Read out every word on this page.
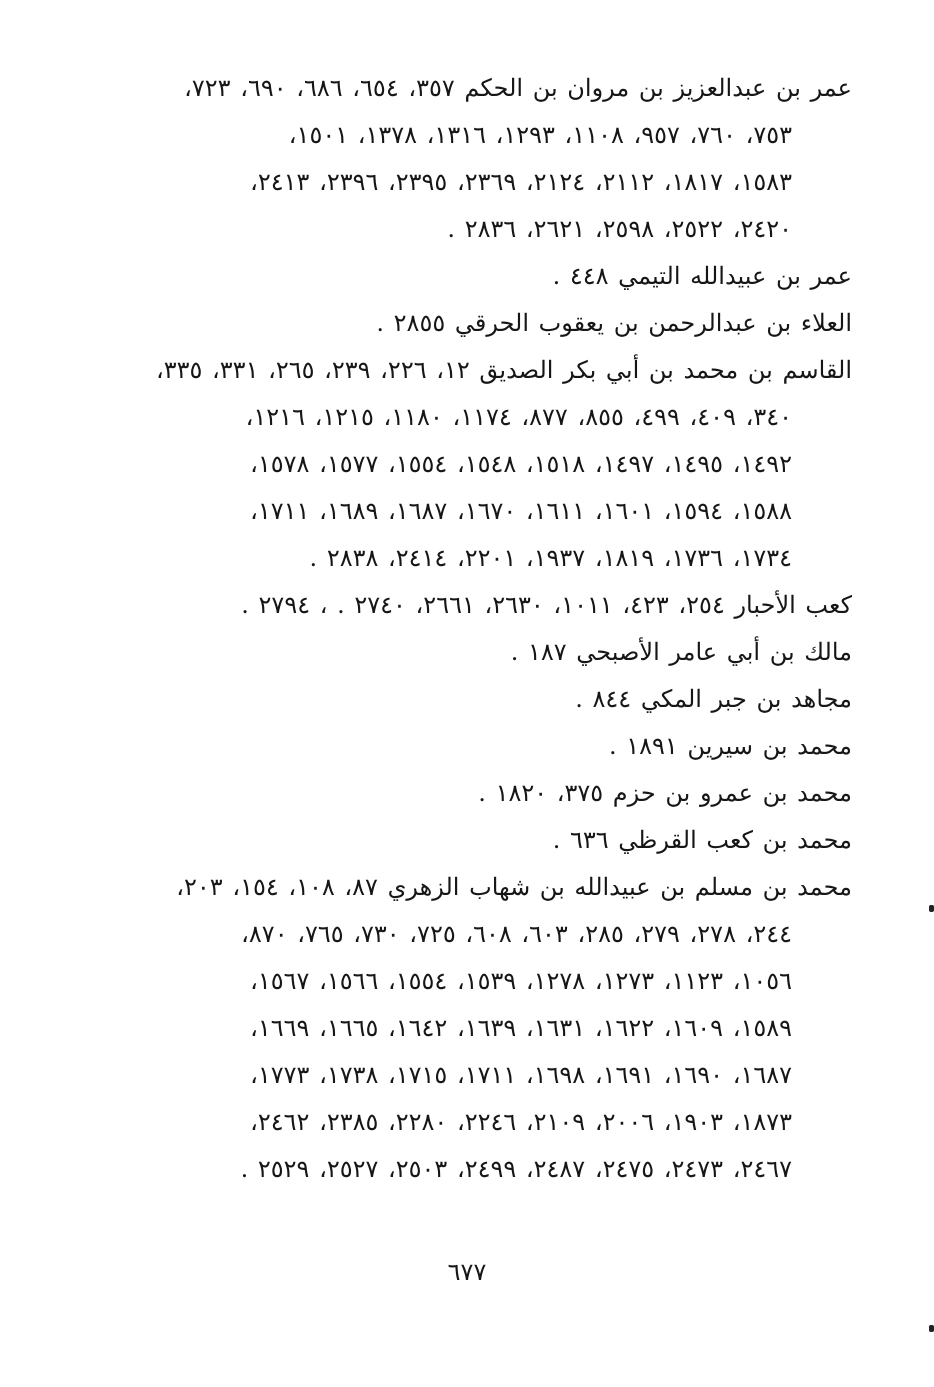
عمر بن عبدالعزيز بن مروان بن الحكم ٣٥٧، ٦٥٤، ٦٨٦، ٦٩٠، ٧٢٣،
٧٥٣، ٧٦٠، ٩٥٧، ١١٠٨، ١٢٩٣، ١٣١٦، ١٣٧٨، ١٥٠١،
١٥٨٣، ١٨١٧، ٢١١٢، ٢١٢٤، ٢٣٦٩، ٢٣٩٥، ٢٣٩٦، ٢٤١٣،
٢٤٢٠، ٢٥٢٢، ٢٥٩٨، ٢٦٢١، ٢٨٣٦ .
عمر بن عبيدالله التيمي ٤٤٨ .
العلاء بن عبدالرحمن بن يعقوب الحرقي ٢٨٥٥ .
القاسم بن محمد بن أبي بكر الصديق ١٢، ٢٢٦، ٢٣٩، ٢٦٥، ٣٣١، ٣٣٥،
٣٤٠، ٤٠٩، ٤٩٩، ٨٥٥، ٨٧٧، ١١٧٤، ١١٨٠، ١٢١٥، ١٢١٦،
١٤٩٢، ١٤٩٥، ١٤٩٧، ١٥١٨، ١٥٤٨، ١٥٥٤، ١٥٧٧، ١٥٧٨،
١٥٨٨، ١٥٩٤، ١٦٠١، ١٦١١، ١٦٧٠، ١٦٨٧، ١٦٨٩، ١٧١١،
١٧٣٤، ١٧٣٦، ١٨١٩، ١٩٣٧، ٢٢٠١، ٢٤١٤، ٢٨٣٨ .
كعب الأحبار ٢٥٤، ٤٢٣، ١٠١١، ٢٦٣٠، ٢٦٦١، ٢٧٤٠ . ، ٢٧٩٤ .
مالك بن أبي عامر الأصبحي ١٨٧ .
مجاهد بن جبر المكي ٨٤٤ .
محمد بن سيرين ١٨٩١ .
محمد بن عمرو بن حزم ٣٧٥، ١٨٢٠ .
محمد بن كعب القرظي ٦٣٦ .
محمد بن مسلم بن عبيدالله بن شهاب الزهري ٨٧، ١٠٨، ١٥٤، ٢٠٣،
٢٤٤، ٢٧٨، ٢٧٩، ٢٨٥، ٦٠٣، ٦٠٨، ٧٢٥، ٧٣٠، ٧٦٥، ٨٧٠،
١٠٥٦، ١١٢٣، ١٢٧٣، ١٢٧٨، ١٥٣٩، ١٥٥٤، ١٥٦٦، ١٥٦٧،
١٥٨٩، ١٦٠٩، ١٦٢٢، ١٦٣١، ١٦٣٩، ١٦٤٢، ١٦٦٥، ١٦٦٩،
١٦٨٧، ١٦٩٠، ١٦٩١، ١٦٩٨، ١٧١١، ١٧١٥، ١٧٣٨، ١٧٧٣،
١٨٧٣، ١٩٠٣، ٢٠٠٦، ٢١٠٩، ٢٢٤٦، ٢٢٨٠، ٢٣٨٥، ٢٤٦٢،
٢٤٦٧، ٢٤٧٣، ٢٤٧٥، ٢٤٨٧، ٢٤٩٩، ٢٥٠٣، ٢٥٢٧، ٢٥٢٩ .
٦٧٧
